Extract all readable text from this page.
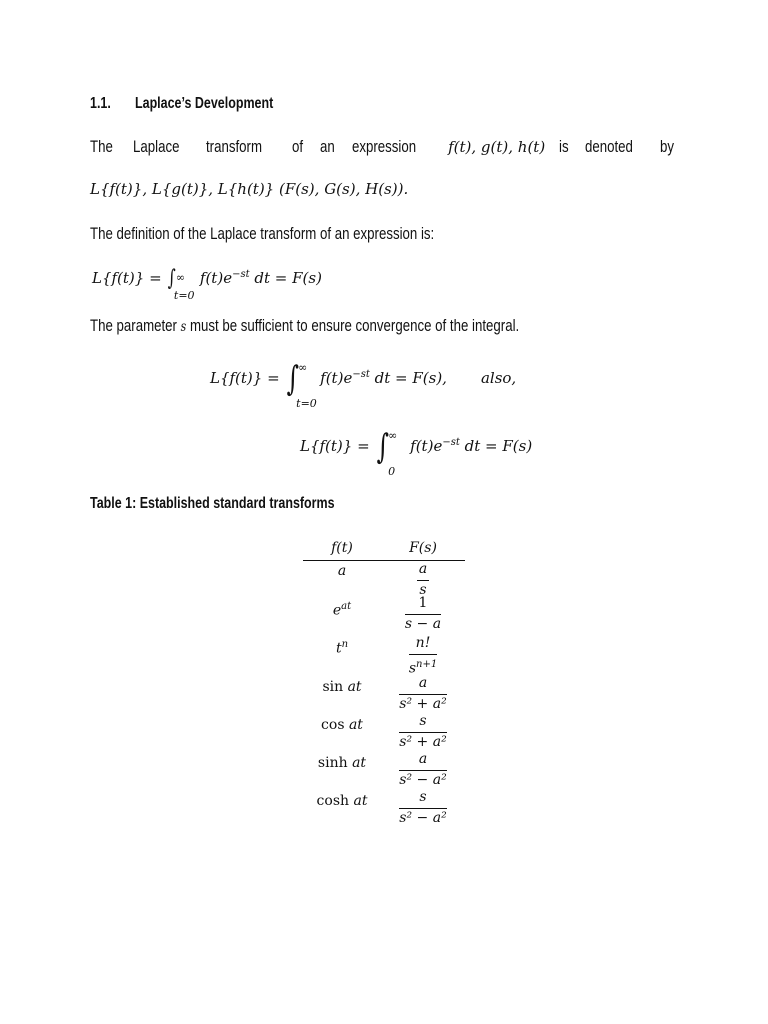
1.1. Laplace’s Development
The Laplace transform of an expression f(t), g(t), h(t) is denoted by
L{f(t)}, L{g(t)}, L{h(t)} (F(s), G(s), H(s)).
The definition of the Laplace transform of an expression is:
L{f(t)} = ∫ ∞
t=0
$f(t)e^{-st}$ dt = F(s)
The parameter s must be sufficient to ensure convergence of the integral.
L{f(t)} = ∫
∞
t=0
$f(t)e^{-st}$ dt = F(s), also,
L{f(t)} = ∫
∞
0
$f(t)e^{-st}$ dt = F(s)
Table 1: Established standard transforms
f(t)	F(s)
a	$\frac{a}{s}$
$e^{at}$	$\frac{1}{s - a}$
$t^n$	$\frac{n!}{s^{n+1}}$
sin at	$\frac{a}{\text{s² + a²}}$
cos at	$\frac{s}{\text{s² + a²}}$
sinh at	$\frac{a}{\text{s² − a²}}$
cosh at	$\frac{s}{\text{s² − a²}}$
